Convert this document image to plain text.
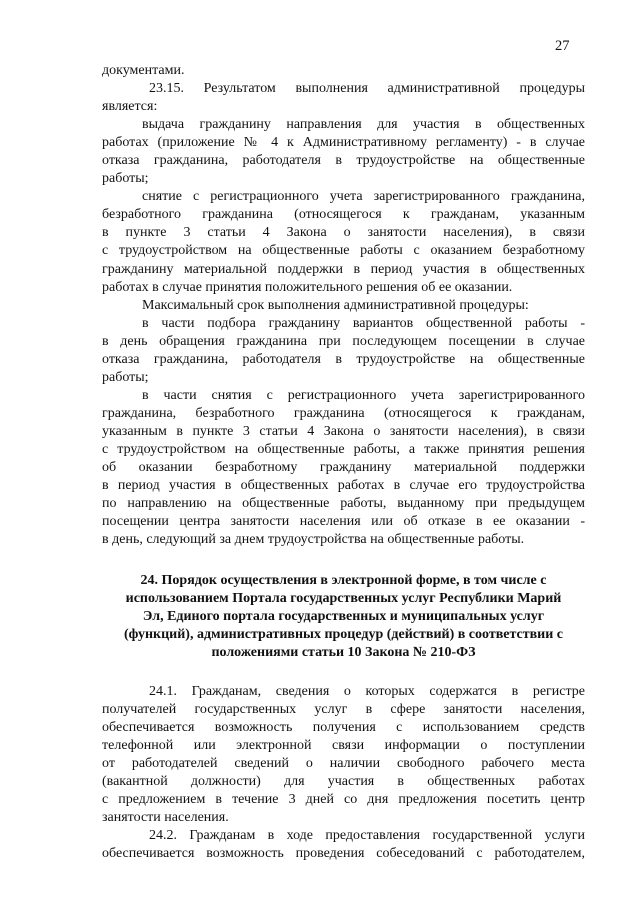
27
документами.
23.15. Результатом выполнения административной процедуры
является:
выдача гражданину направления для участия в общественных
работах (приложение № 4 к Административному регламенту) - в случае
отказа гражданина, работодателя в трудоустройстве на общественные
работы;
снятие с регистрационного учета зарегистрированного гражданина,
безработного гражданина (относящегося к гражданам, указанным
в пункте 3 статьи 4 Закона о занятости населения), в связи
с трудоустройством на общественные работы с оказанием безработному
гражданину материальной поддержки в период участия в общественных
работах в случае принятия положительного решения об ее оказании.
Максимальный срок выполнения административной процедуры:
в части подбора гражданину вариантов общественной работы -
в день обращения гражданина при последующем посещении в случае
отказа гражданина, работодателя в трудоустройстве на общественные
работы;
в части снятия с регистрационного учета зарегистрированного
гражданина, безработного гражданина (относящегося к гражданам,
указанным в пункте 3 статьи 4 Закона о занятости населения), в связи
с трудоустройством на общественные работы, а также принятия решения
об оказании безработному гражданину материальной поддержки
в период участия в общественных работах в случае его трудоустройства
по направлению на общественные работы, выданному при предыдущем
посещении центра занятости населения или об отказе в ее оказании -
в день, следующий за днем трудоустройства на общественные работы.
24. Порядок осуществления в электронной форме, в том числе с
использованием Портала государственных услуг Республики Марий
Эл, Единого портала государственных и муниципальных услуг
(функций), административных процедур (действий) в соответствии с
положениями статьи 10 Закона № 210-ФЗ
24.1. Гражданам, сведения о которых содержатся в регистре
получателей государственных услуг в сфере занятости населения,
обеспечивается возможность получения с использованием средств
телефонной или электронной связи информации о поступлении
от работодателей сведений о наличии свободного рабочего места
(вакантной должности) для участия в общественных работах
с предложением в течение 3 дней со дня предложения посетить центр
занятости населения.
24.2. Гражданам в ходе предоставления государственной услуги
обеспечивается возможность проведения собеседований с работодателем,
